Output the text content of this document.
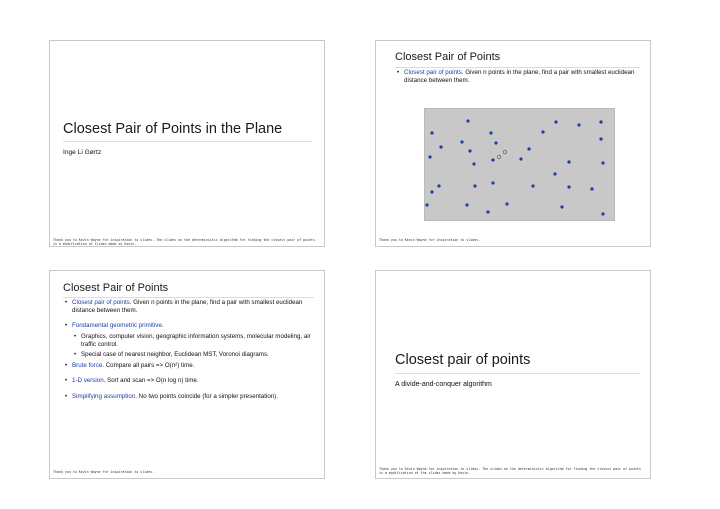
Closest Pair of Points in the Plane
Inge Li Gørtz
Thank you to Kevin Wayne for inspiration to slides. The slides on the deterministic algorithm for finding the closest pair of points is a modification of slides made by Kevin.
Closest Pair of Points
• Closest pair of points. Given n points in the plane, find a pair with smallest euclidean distance between them.
Thank you to Kevin Wayne for inspiration to slides.
Closest Pair of Points
• Closest pair of points. Given n points in the plane, find a pair with smallest euclidean distance between them.
• Fundamental geometric primitive.
• Graphics, computer vision, geographic information systems, molecular modeling, air traffic control.
• Special case of nearest neighbor, Euclidean MST, Voronoi diagrams.
• Brute force. Compare all pairs => O(n²) time.
• 1-D version. Sort and scan => O(n log n) time.
• Simplifying assumption. No two points coincide (for a simpler presentation).
Thank you to Kevin Wayne for inspiration to slides.
Closest pair of points
A divide-and-conquer algorithm
Thank you to Kevin Wayne for inspiration to slides. The slides on the deterministic algorithm for finding the closest pair of points is a modification of the slides made by Kevin.
